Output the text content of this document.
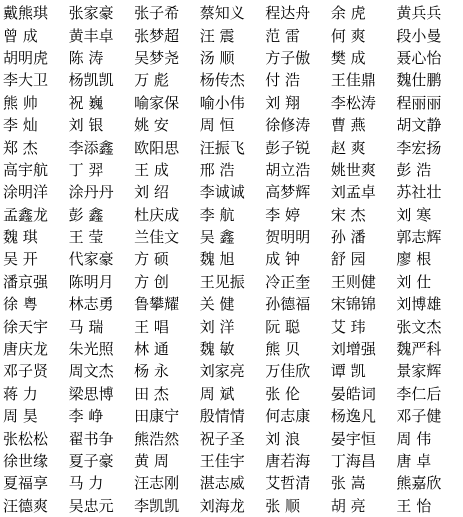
戴熊琪	张家豪	张子希	蔡知义	程达舟	余 虎	黄兵兵
曾 成	黄丰卓	张梦超	汪 震	范 雷	何 爽	段小曼
胡明虎	陈 涛	吴梦尧	汤 顺	方子傲	樊 成	聂心怡
李大卫	杨凯凯	万 彪	杨传杰	付 浩	王佳鼎	魏仕鹏
熊 帅	祝 巍	喻家保	喻小伟	刘 翔	李松涛	程丽丽
李 灿	刘 银	姚 安	周 恒	徐修涛	曹 燕	胡文静
郑 杰	李添鑫	欧阳思	汪振飞	彭子锐	赵 爽	李宏扬
高宇航	丁 羿	王 成	邢 浩	胡立浩	姚世爽	彭 浩
涂明洋	涂丹丹	刘 绍	李诚诚	高梦辉	刘孟卓	苏社壮
孟鑫龙	彭 鑫	杜庆成	李 航	李 婷	宋 杰	刘 寒
魏 琪	王 莹	兰佳文	吴 鑫	贺明明	孙 潘	郭志辉
吴 开	代家豪	方 硕	魏 旭	成 钟	舒 园	廖 根
潘京强	陈明月	方 创	王见振	冷正奎	王则健	刘 仕
徐 粤	林志勇	鲁攀耀	关 健	孙德福	宋锦锦	刘博雄
徐天宇	马 瑞	王 唱	刘 洋	阮 聪	艾 玮	张文杰
唐庆龙	朱光照	林 通	魏 敏	熊 贝	刘增强	魏严科
邓子贤	周文杰	杨 永	刘家亮	万佳欣	谭 凯	景家辉
蒋 力	梁思博	田 杰	周 斌	张 伦	晏皓词	李仁后
周 昊	李 峥	田康宁	殷情情	何志康	杨逸凡	邓子健
张松松	翟书争	熊浩然	祝子圣	刘 浪	晏宇恒	周 伟
徐世缘	夏子豪	黄 周	王佳宇	唐若海	丁海昌	唐 卓
夏福享	马 力	汪志刚	湛志威	艾哲清	张 嵩	熊嘉欣
汪德爽	吴忠元	李凯凯	刘海龙	张 顺	胡 亮	王 怡
